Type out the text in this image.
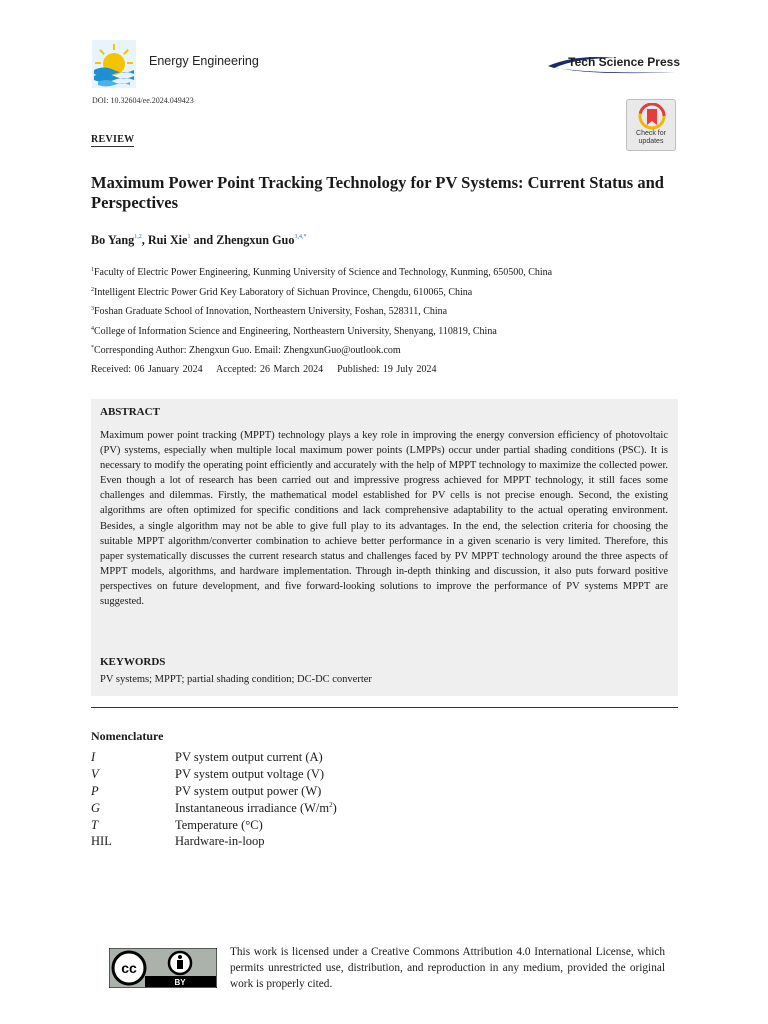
Energy Engineering	Tech Science Press
DOI: 10.32604/ee.2024.049423
Check for updates
REVIEW
Maximum Power Point Tracking Technology for PV Systems: Current Status and Perspectives
Bo Yang$^{1,2}$, Rui Xie$^1$ and Zhengxun Guo$^{3,4,*}$
$^1$Faculty of Electric Power Engineering, Kunming University of Science and Technology, Kunming, 650500, China
$^2$Intelligent Electric Power Grid Key Laboratory of Sichuan Province, Chengdu, 610065, China
$^3$Foshan Graduate School of Innovation, Northeastern University, Foshan, 528311, China
$^4$College of Information Science and Engineering, Northeastern University, Shenyang, 110819, China
*Corresponding Author: Zhengxun Guo. Email: ZhengxunGuo@outlook.com
Received: 06 January 2024    Accepted: 26 March 2024    Published: 19 July 2024
ABSTRACT
Maximum power point tracking (MPPT) technology plays a key role in improving the energy conversion efficiency of photovoltaic (PV) systems, especially when multiple local maximum power points (LMPPs) occur under partial shading conditions (PSC). It is necessary to modify the operating point efficiently and accurately with the help of MPPT technology to maximize the collected power. Even though a lot of research has been carried out and impressive progress achieved for MPPT technology, it still faces some challenges and dilemmas. Firstly, the mathematical model established for PV cells is not precise enough. Second, the existing algorithms are often optimized for specific conditions and lack comprehensive adaptability to the actual operating environment. Besides, a single algorithm may not be able to give full play to its advantages. In the end, the selection criteria for choosing the suitable MPPT algorithm/converter combination to achieve better performance in a given scenario is very limited. Therefore, this paper systematically discusses the current research status and challenges faced by PV MPPT technology around the three aspects of MPPT models, algorithms, and hardware implementation. Through in-depth thinking and discussion, it also puts forward positive perspectives on future development, and five forward-looking solutions to improve the performance of PV systems MPPT are suggested.
KEYWORDS
PV systems; MPPT; partial shading condition; DC-DC converter
Nomenclature
I	PV system output current (A)
V	PV system output voltage (V)
P	PV system output power (W)
G	Instantaneous irradiance $(W/m^2)$
T	Temperature (°C)
HIL	Hardware-in-loop
cc
BY
This work is licensed under a Creative Commons Attribution 4.0 International License, which permits unrestricted use, distribution, and reproduction in any medium, provided the original work is properly cited.
